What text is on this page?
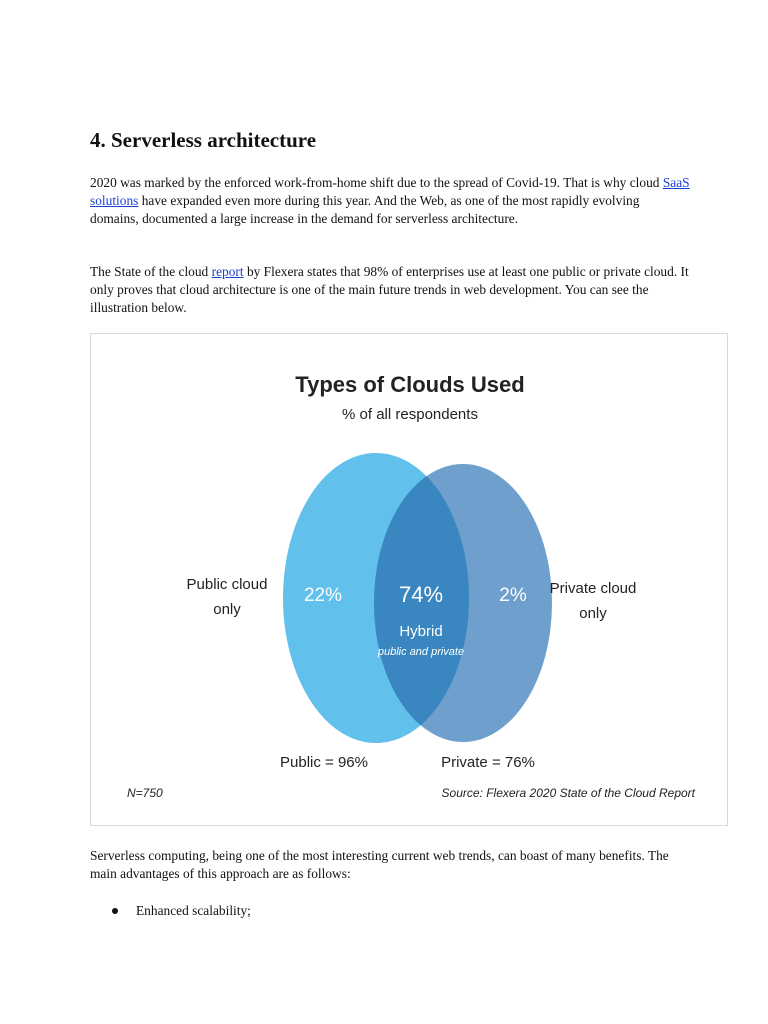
4. Serverless architecture

2020 was marked by the enforced work-from-home shift due to the spread of Covid-19. That is why cloud SaaS solutions have expanded even more during this year. And the Web, as one of the most rapidly evolving domains, documented a large increase in the demand for serverless architecture.

The State of the cloud report by Flexera states that 98% of enterprises use at least one public or private cloud. It only proves that cloud architecture is one of the main future trends in web development. You can see the illustration below.

Types of Clouds Used
% of all respondents
Public cloud
only
Private cloud
only
22%	74%
Hybrid
public and private
2%
Public = 96%	Private = 76%
N=750	Source: Flexera 2020 State of the Cloud Report

Serverless computing, being one of the most interesting current web trends, can boast of many benefits. The main advantages of this approach are as follows:

Enhanced scalability;
